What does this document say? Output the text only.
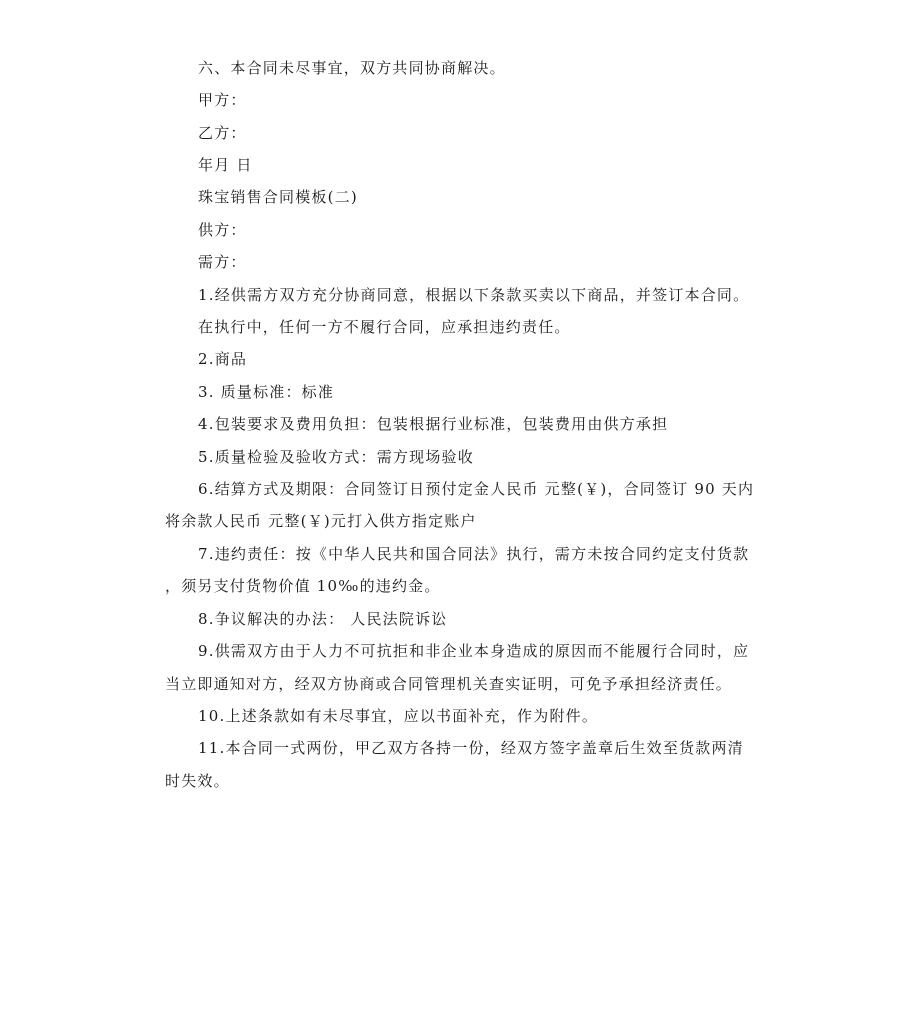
六、本合同未尽事宜，双方共同协商解决。
甲方：
乙方：
年月 日
珠宝销售合同模板(二)
供方：
需方：
1.经供需方双方充分协商同意，根据以下条款买卖以下商品，并签订本合同。
在执行中，任何一方不履行合同，应承担违约责任。
2.商品
3. 质量标准：标准
4.包装要求及费用负担：包装根据行业标准，包装费用由供方承担
5.质量检验及验收方式：需方现场验收
6.结算方式及期限：合同签订日预付定金人民币 元整(￥)，合同签订 90 天内
将余款人民币 元整(￥)元打入供方指定账户
7.违约责任：按《中华人民共和国合同法》执行，需方未按合同约定支付货款
，须另支付货物价值 10‰的违约金。
8.争议解决的办法： 人民法院诉讼
9.供需双方由于人力不可抗拒和非企业本身造成的原因而不能履行合同时，应
当立即通知对方，经双方协商或合同管理机关查实证明，可免予承担经济责任。
10.上述条款如有未尽事宜，应以书面补充，作为附件。
11.本合同一式两份，甲乙双方各持一份，经双方签字盖章后生效至货款两清
时失效。
